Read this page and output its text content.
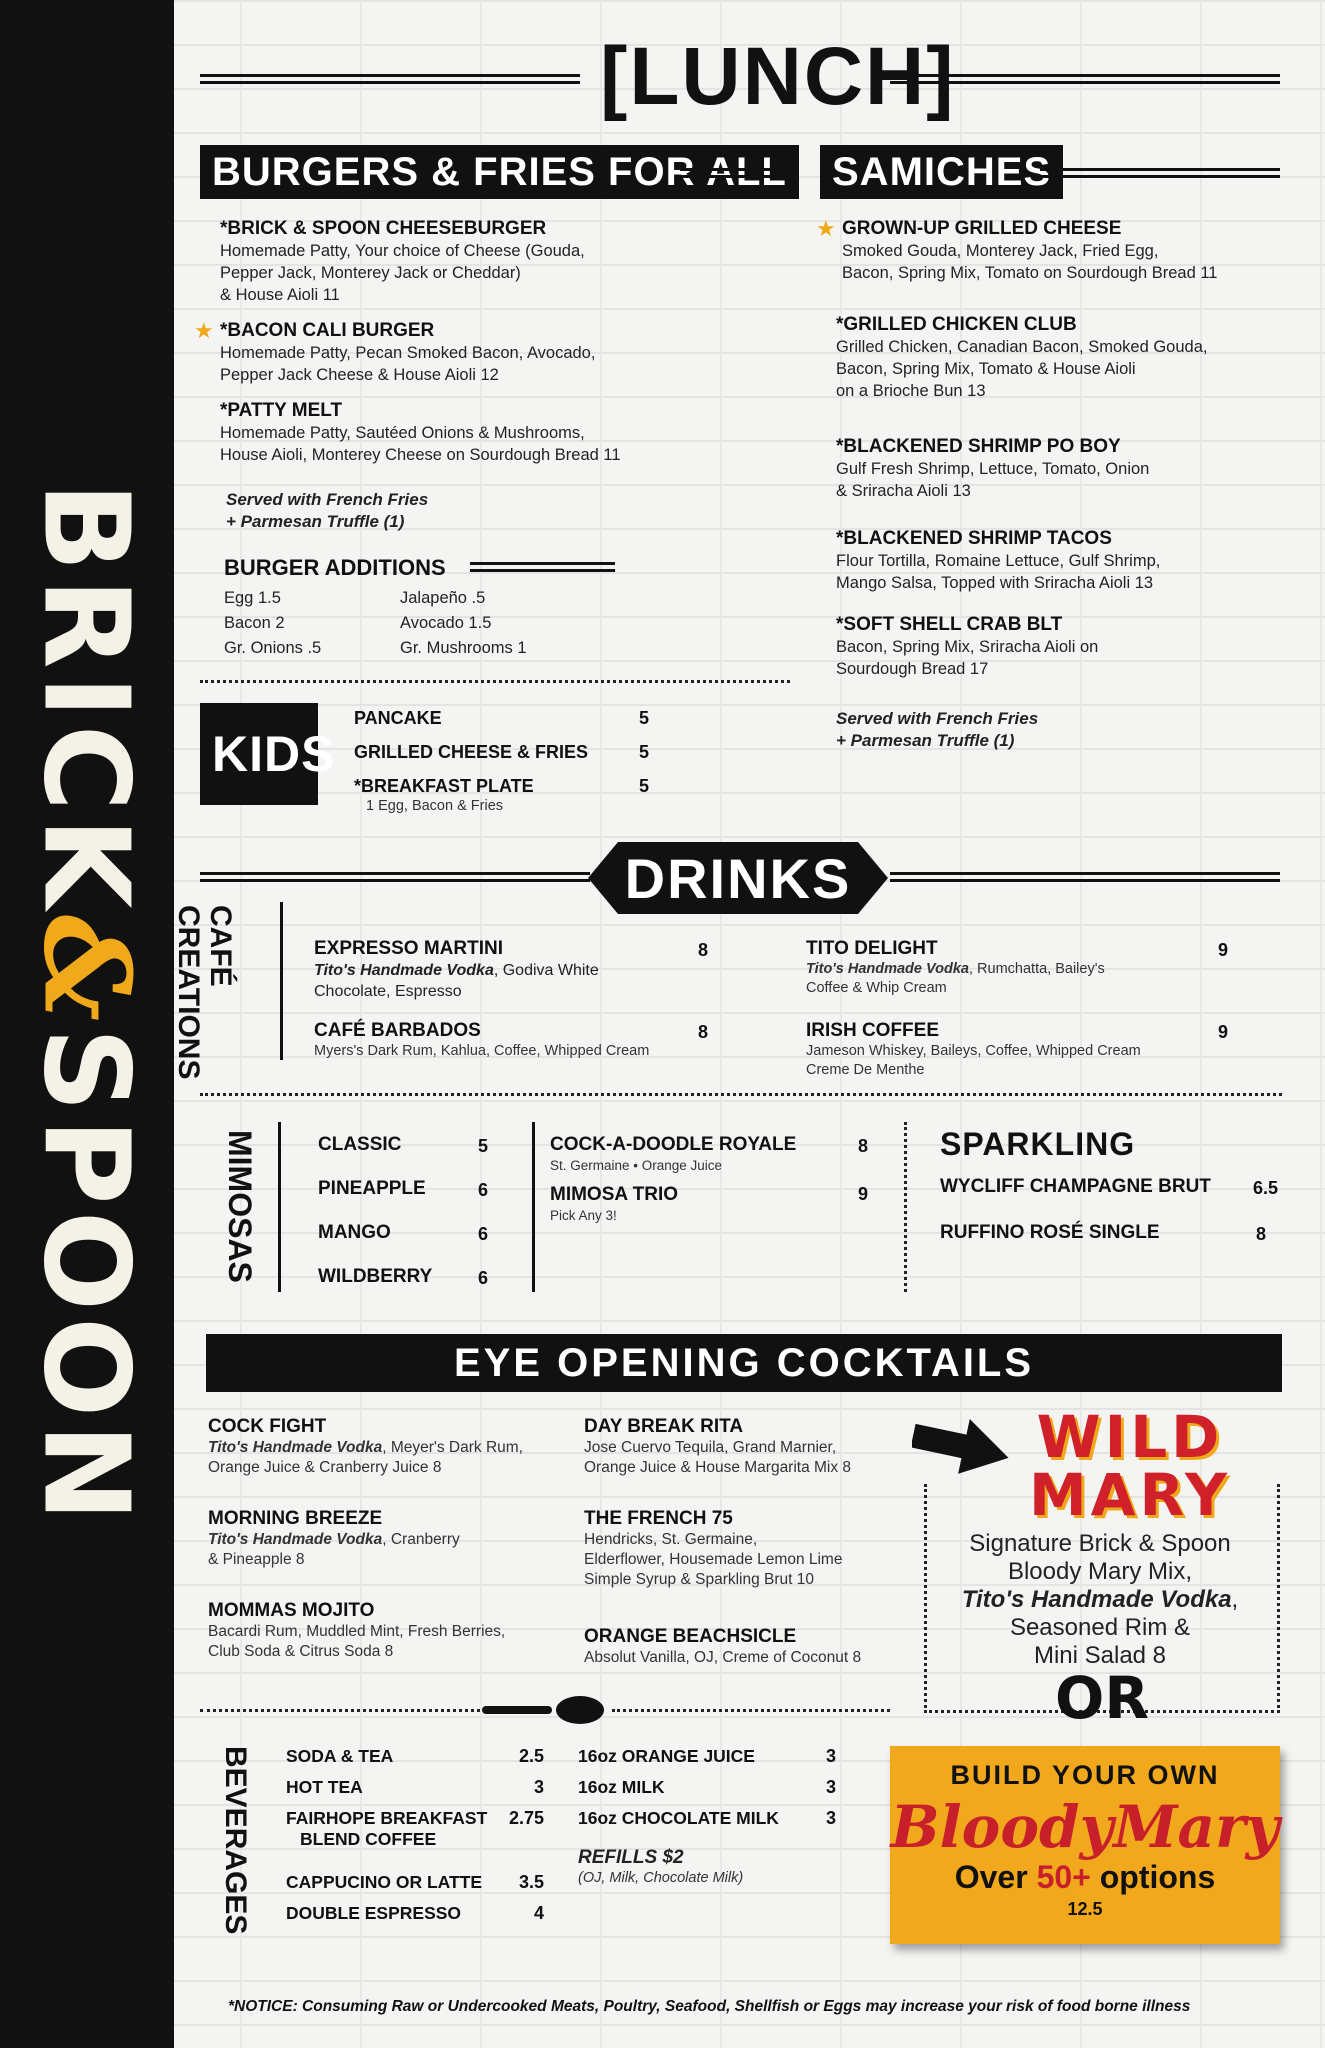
BRICK&SPOON
[LUNCH]
BURGERS & FRIES FOR ALL	SAMICHES
*BRICK & SPOON CHEESEBURGER
Homemade Patty, Your choice of Cheese (Gouda,
Pepper Jack, Monterey Jack or Cheddar)
& House Aioli 11
★ *BACON CALI BURGER
Homemade Patty, Pecan Smoked Bacon, Avocado,
Pepper Jack Cheese & House Aioli 12
*PATTY MELT
Homemade Patty, Sautéed Onions & Mushrooms,
House Aioli, Monterey Cheese on Sourdough Bread 11
Served with French Fries
+ Parmesan Truffle (1)
BURGER ADDITIONS
Egg 1.5
Bacon 2
Gr. Onions .5
Jalapeño .5
Avocado 1.5
Gr. Mushrooms 1
★ GROWN-UP GRILLED CHEESE
Smoked Gouda, Monterey Jack, Fried Egg,
Bacon, Spring Mix, Tomato on Sourdough Bread 11
*GRILLED CHICKEN CLUB
Grilled Chicken, Canadian Bacon, Smoked Gouda,
Bacon, Spring Mix, Tomato & House Aioli
on a Brioche Bun 13
*BLACKENED SHRIMP PO BOY
Gulf Fresh Shrimp, Lettuce, Tomato, Onion
& Sriracha Aioli 13
*BLACKENED SHRIMP TACOS
Flour Tortilla, Romaine Lettuce, Gulf Shrimp,
Mango Salsa, Topped with Sriracha Aioli 13
*SOFT SHELL CRAB BLT
Bacon, Spring Mix, Sriracha Aioli on
Sourdough Bread 17
Served with French Fries
+ Parmesan Truffle (1)
KIDS
PANCAKE	5
GRILLED CHEESE & FRIES	5
*BREAKFAST PLATE	5
1 Egg, Bacon & Fries
DRINKS
CAFÉ
CREATIONS	EXPRESSO MARTINI
Tito's Handmade Vodka, Godiva White
Chocolate, Espresso
8
CAFÉ BARBADOS
Myers's Dark Rum, Kahlua, Coffee, Whipped Cream
8
TITO DELIGHT
Tito's Handmade Vodka, Rumchatta, Bailey's
Coffee & Whip Cream
9
IRISH COFFEE
Jameson Whiskey, Baileys, Coffee, Whipped Cream
Creme De Menthe
9
MIMOSAS	CLASSIC	5
PINEAPPLE	6
MANGO	6
WILDBERRY	6
COCK-A-DOODLE ROYALE
St. Germaine • Orange Juice
8
MIMOSA TRIO
Pick Any 3!
9
SPARKLING
WYCLIFF CHAMPAGNE BRUT 6.5
RUFFINO ROSÉ SINGLE	8
EYE OPENING COCKTAILS
COCK FIGHT
Tito's Handmade Vodka, Meyer's Dark Rum,
Orange Juice & Cranberry Juice 8
MORNING BREEZE
Tito's Handmade Vodka, Cranberry
& Pineapple 8
MOMMAS MOJITO
Bacardi Rum, Muddled Mint, Fresh Berries,
Club Soda & Citrus Soda 8
DAY BREAK RITA
Jose Cuervo Tequila, Grand Marnier,
Orange Juice & House Margarita Mix 8
THE FRENCH 75
Hendricks, St. Germaine,
Elderflower, Housemade Lemon Lime
Simple Syrup & Sparkling Brut 10
ORANGE BEACHSICLE
Absolut Vanilla, OJ, Creme of Coconut 8
WILD
MARY
Signature Brick & Spoon
Bloody Mary Mix,
Tito's Handmade Vodka,
Seasoned Rim &
Mini Salad 8
OR
BUILD YOUR OWN
BloodyMary
Over 50+ options
12.5
BEVERAGES SODA & TEA	2.5
HOT TEA	3
FAIRHOPE BREAKFAST
BLEND COFFEE
2.75
CAPPUCINO OR LATTE 3.5
DOUBLE ESPRESSO	4
16oz ORANGE JUICE	3
16oz MILK	3
16oz CHOCOLATE MILK	3
REFILLS $2
(OJ, Milk, Chocolate Milk)
*NOTICE: Consuming Raw or Undercooked Meats, Poultry, Seafood, Shellfish or Eggs may increase your risk of food borne illness
